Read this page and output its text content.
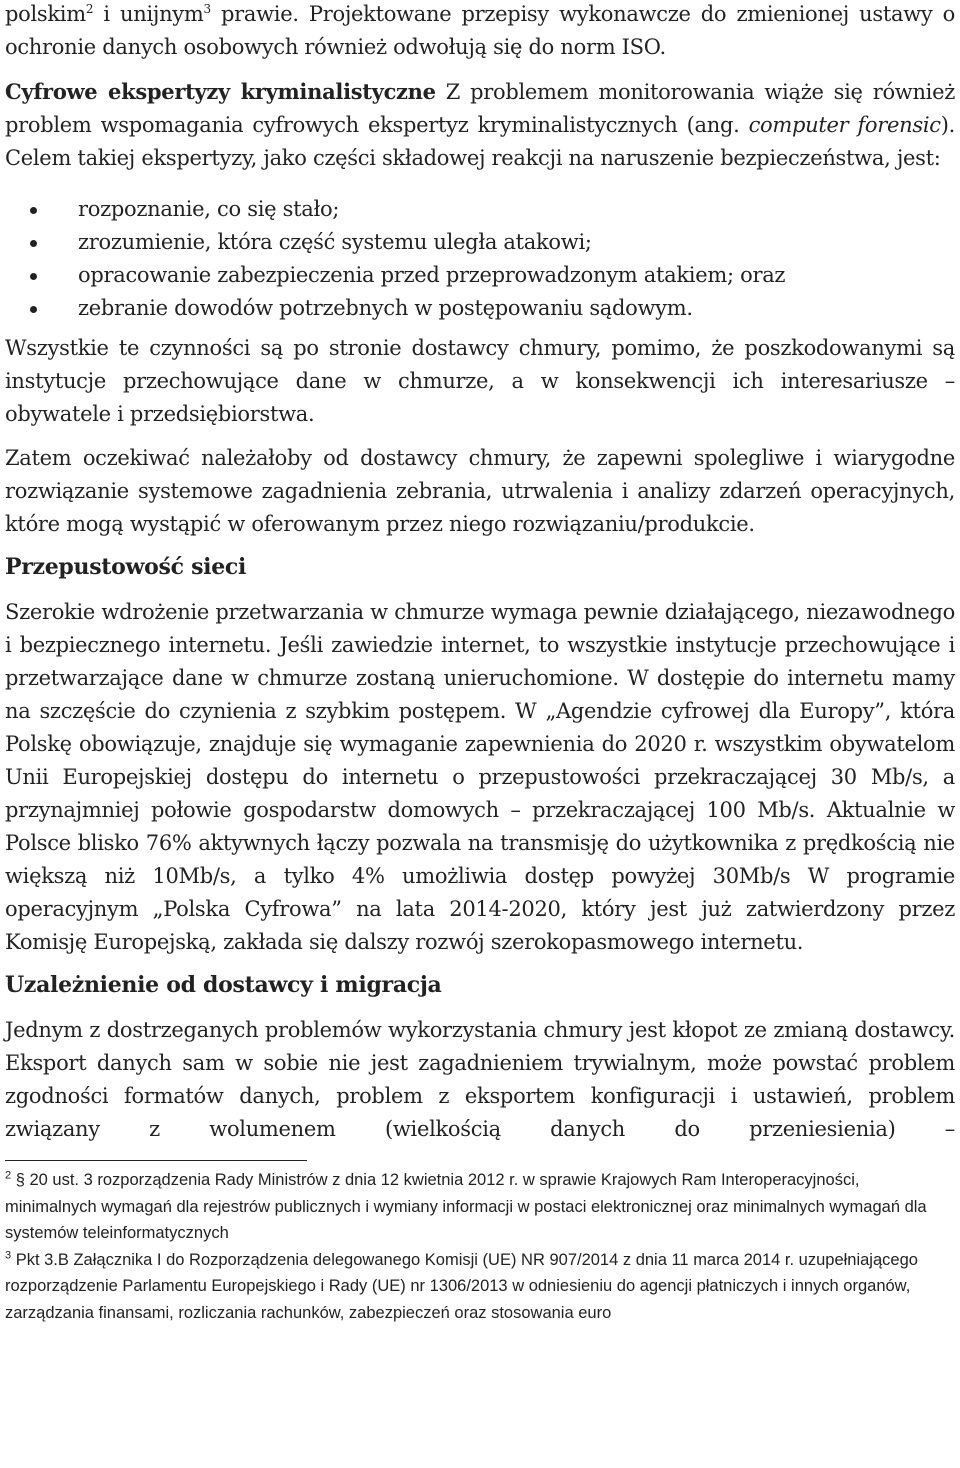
polskim$^2$ i unijnym$^3$ prawie. Projektowane przepisy wykonawcze do zmienionej ustawy o ochronie danych osobowych również odwołują się do norm ISO.

Cyfrowe ekspertyzy kryminalistyczne Z problemem monitorowania wiąże się również problem wspomagania cyfrowych ekspertyz kryminalistycznych (ang. computer forensic). Celem takiej ekspertyzy, jako części składowej reakcji na naruszenie bezpieczeństwa, jest:

rozpoznanie, co się stało;
zrozumienie, która część systemu uległa atakowi;
opracowanie zabezpieczenia przed przeprowadzonym atakiem; oraz
zebranie dowodów potrzebnych w postępowaniu sądowym.

Wszystkie te czynności są po stronie dostawcy chmury, pomimo, że poszkodowanymi są instytucje przechowujące dane w chmurze, a w konsekwencji ich interesariusze – obywatele i przedsiębiorstwa.

Zatem oczekiwać należałoby od dostawcy chmury, że zapewni spolegliwe i wiarygodne rozwiązanie systemowe zagadnienia zebrania, utrwalenia i analizy zdarzeń operacyjnych, które mogą wystąpić w oferowanym przez niego rozwiązaniu/produkcie.

Przepustowość sieci

Szerokie wdrożenie przetwarzania w chmurze wymaga pewnie działającego, niezawodnego i bezpiecznego internetu. Jeśli zawiedzie internet, to wszystkie instytucje przechowujące i przetwarzające dane w chmurze zostaną unieruchomione. W dostępie do internetu mamy na szczęście do czynienia z szybkim postępem. W „Agendzie cyfrowej dla Europy”, która Polskę obowiązuje, znajduje się wymaganie zapewnienia do 2020 r. wszystkim obywatelom Unii Europejskiej dostępu do internetu o przepustowości przekraczającej 30 Mb/s, a przynajmniej połowie gospodarstw domowych – przekraczającej 100 Mb/s. Aktualnie w Polsce blisko 76% aktywnych łączy pozwala na transmisję do użytkownika z prędkością nie większą niż 10Mb/s, a tylko 4% umożliwia dostęp powyżej 30Mb/s W programie operacyjnym „Polska Cyfrowa” na lata 2014-2020, który jest już zatwierdzony przez Komisję Europejską, zakłada się dalszy rozwój szerokopasmowego internetu.

Uzależnienie od dostawcy i migracja

Jednym z dostrzeganych problemów wykorzystania chmury jest kłopot ze zmianą dostawcy. Eksport danych sam w sobie nie jest zagadnieniem trywialnym, może powstać problem zgodności formatów danych, problem z eksportem konfiguracji i ustawień, problem związany z wolumenem (wielkością danych do przeniesienia) –

$^2$ § 20 ust. 3 rozporządzenia Rady Ministrów z dnia 12 kwietnia 2012 r. w sprawie Krajowych Ram Interoperacyjności, minimalnych wymagań dla rejestrów publicznych i wymiany informacji w postaci elektronicznej oraz minimalnych wymagań dla systemów teleinformatycznych

$^3$ Pkt 3.B Załącznika I do Rozporządzenia delegowanego Komisji (UE) NR 907/2014 z dnia 11 marca 2014 r. uzupełniającego rozporządzenie Parlamentu Europejskiego i Rady (UE) nr 1306/2013 w odniesieniu do agencji płatniczych i innych organów, zarządzania finansami, rozliczania rachunków, zabezpieczeń oraz stosowania euro
